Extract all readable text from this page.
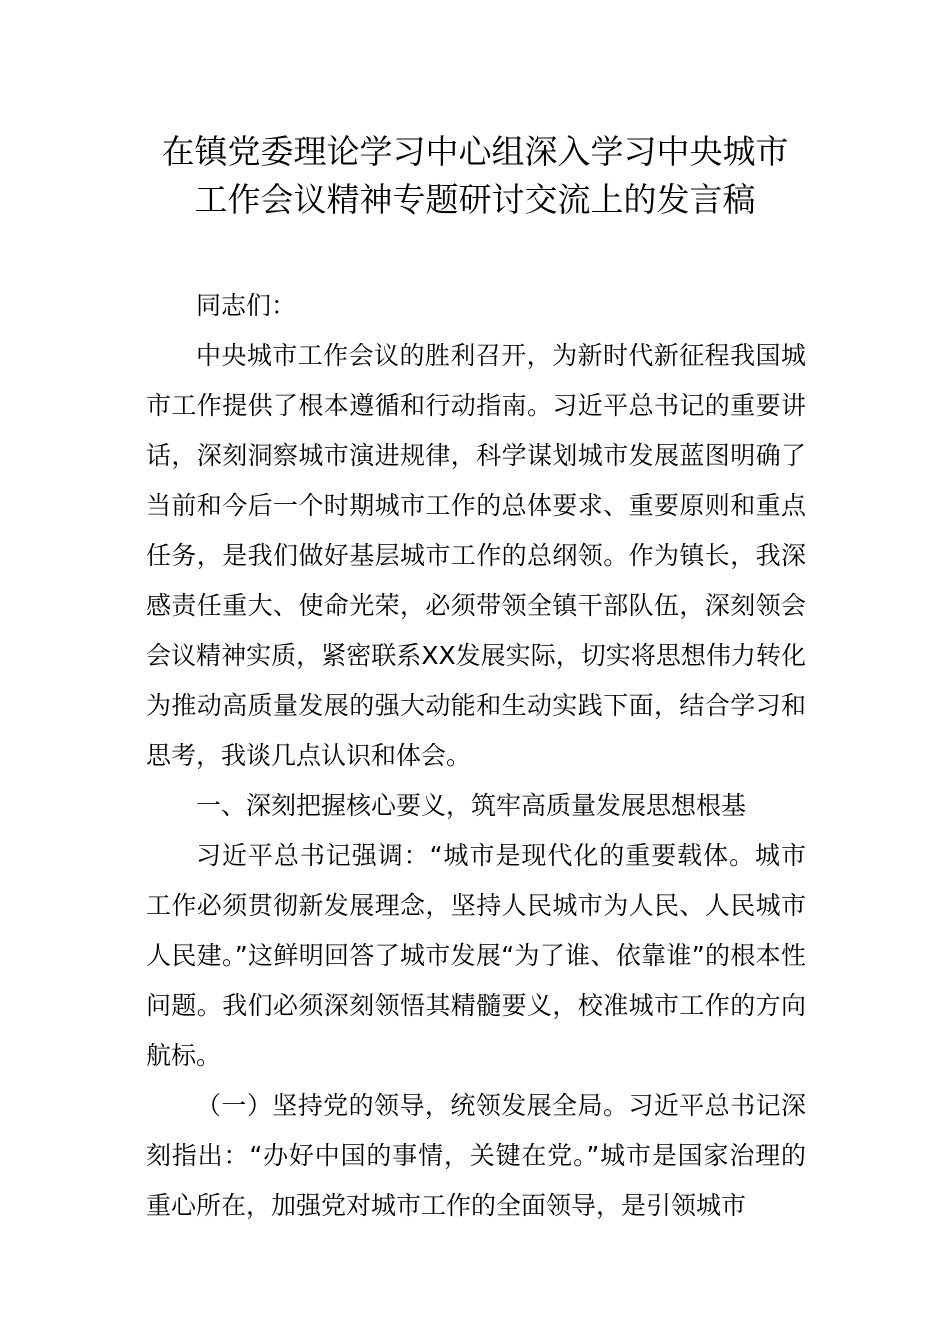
在镇党委理论学习中心组深入学习中央城市工作会议精神专题研讨交流上的发言稿

同志们：

中央城市工作会议的胜利召开，为新时代新征程我国城市工作提供了根本遵循和行动指南。习近平总书记的重要讲话，深刻洞察城市演进规律，科学谋划城市发展蓝图明确了当前和今后一个时期城市工作的总体要求、重要原则和重点任务，是我们做好基层城市工作的总纲领。作为镇长，我深感责任重大、使命光荣，必须带领全镇干部队伍，深刻领会会议精神实质，紧密联系XX发展实际，切实将思想伟力转化为推动高质量发展的强大动能和生动实践下面，结合学习和思考，我谈几点认识和体会。

一、深刻把握核心要义，筑牢高质量发展思想根基

习近平总书记强调：“城市是现代化的重要载体。城市工作必须贯彻新发展理念，坚持人民城市为人民、人民城市人民建。”这鲜明回答了城市发展“为了谁、依靠谁”的根本性问题。我们必须深刻领悟其精髓要义，校准城市工作的方向航标。

（一）坚持党的领导，统领发展全局。习近平总书记深刻指出：“办好中国的事情，关键在党。”城市是国家治理的重心所在，加强党对城市工作的全面领导，是引领城市
